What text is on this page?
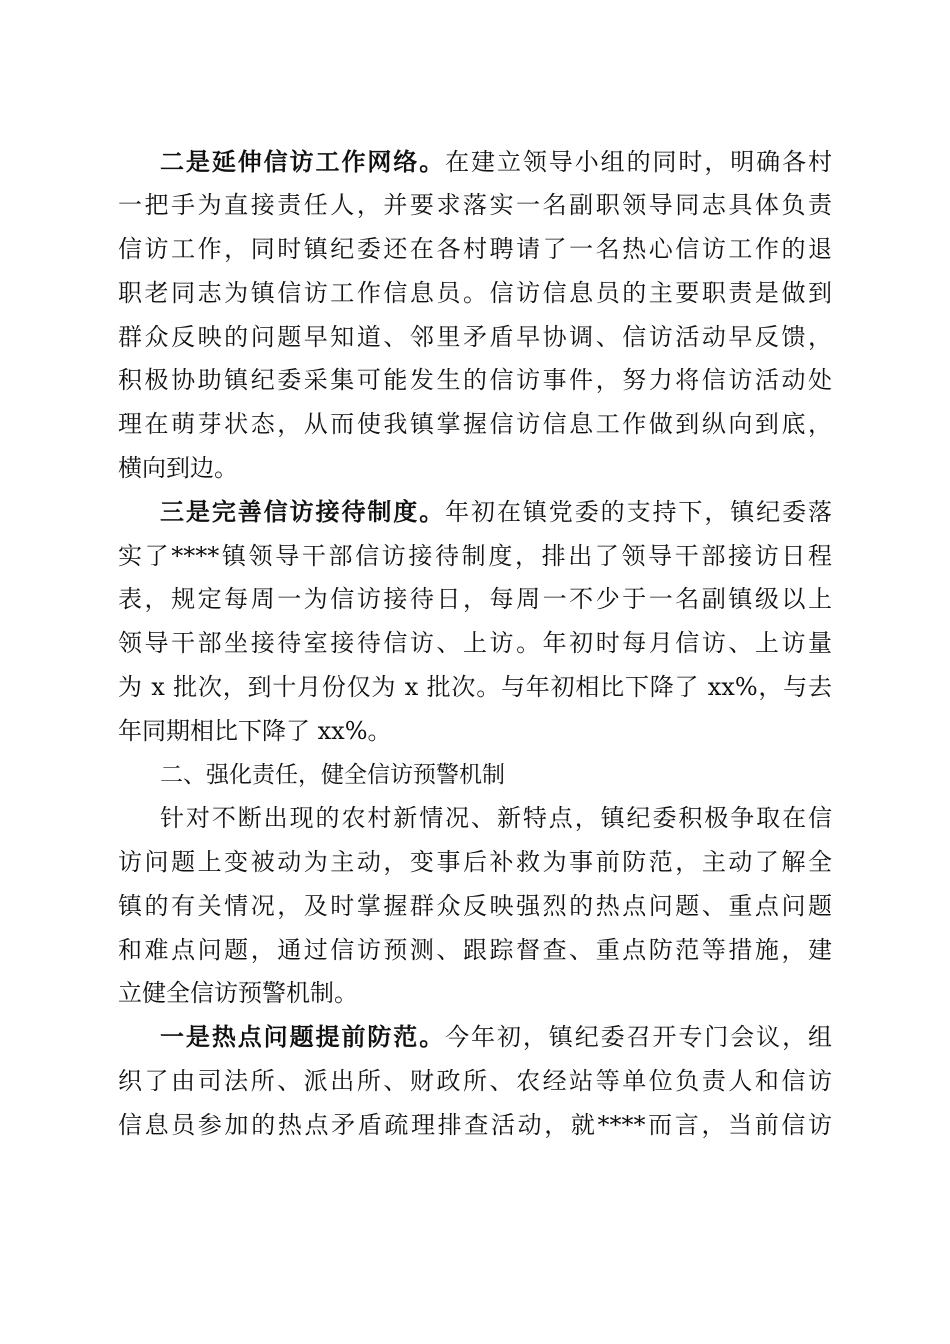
二是延伸信访工作网络。在建立领导小组的同时，明确各村
一把手为直接责任人，并要求落实一名副职领导同志具体负责
信访工作，同时镇纪委还在各村聘请了一名热心信访工作的退
职老同志为镇信访工作信息员。信访信息员的主要职责是做到
群众反映的问题早知道、邻里矛盾早协调、信访活动早反馈，
积极协助镇纪委采集可能发生的信访事件，努力将信访活动处
理在萌芽状态，从而使我镇掌握信访信息工作做到纵向到底，
横向到边。
三是完善信访接待制度。年初在镇党委的支持下，镇纪委落
实了****镇领导干部信访接待制度，排出了领导干部接访日程
表，规定每周一为信访接待日，每周一不少于一名副镇级以上
领导干部坐接待室接待信访、上访。年初时每月信访、上访量
为 x 批次，到十月份仅为 x 批次。与年初相比下降了 xx%，与去
年同期相比下降了 xx%。
二、强化责任，健全信访预警机制
针对不断出现的农村新情况、新特点，镇纪委积极争取在信
访问题上变被动为主动，变事后补救为事前防范，主动了解全
镇的有关情况，及时掌握群众反映强烈的热点问题、重点问题
和难点问题，通过信访预测、跟踪督查、重点防范等措施，建
立健全信访预警机制。
一是热点问题提前防范。今年初，镇纪委召开专门会议，组
织了由司法所、派出所、财政所、农经站等单位负责人和信访
信息员参加的热点矛盾疏理排查活动，就****而言，当前信访
